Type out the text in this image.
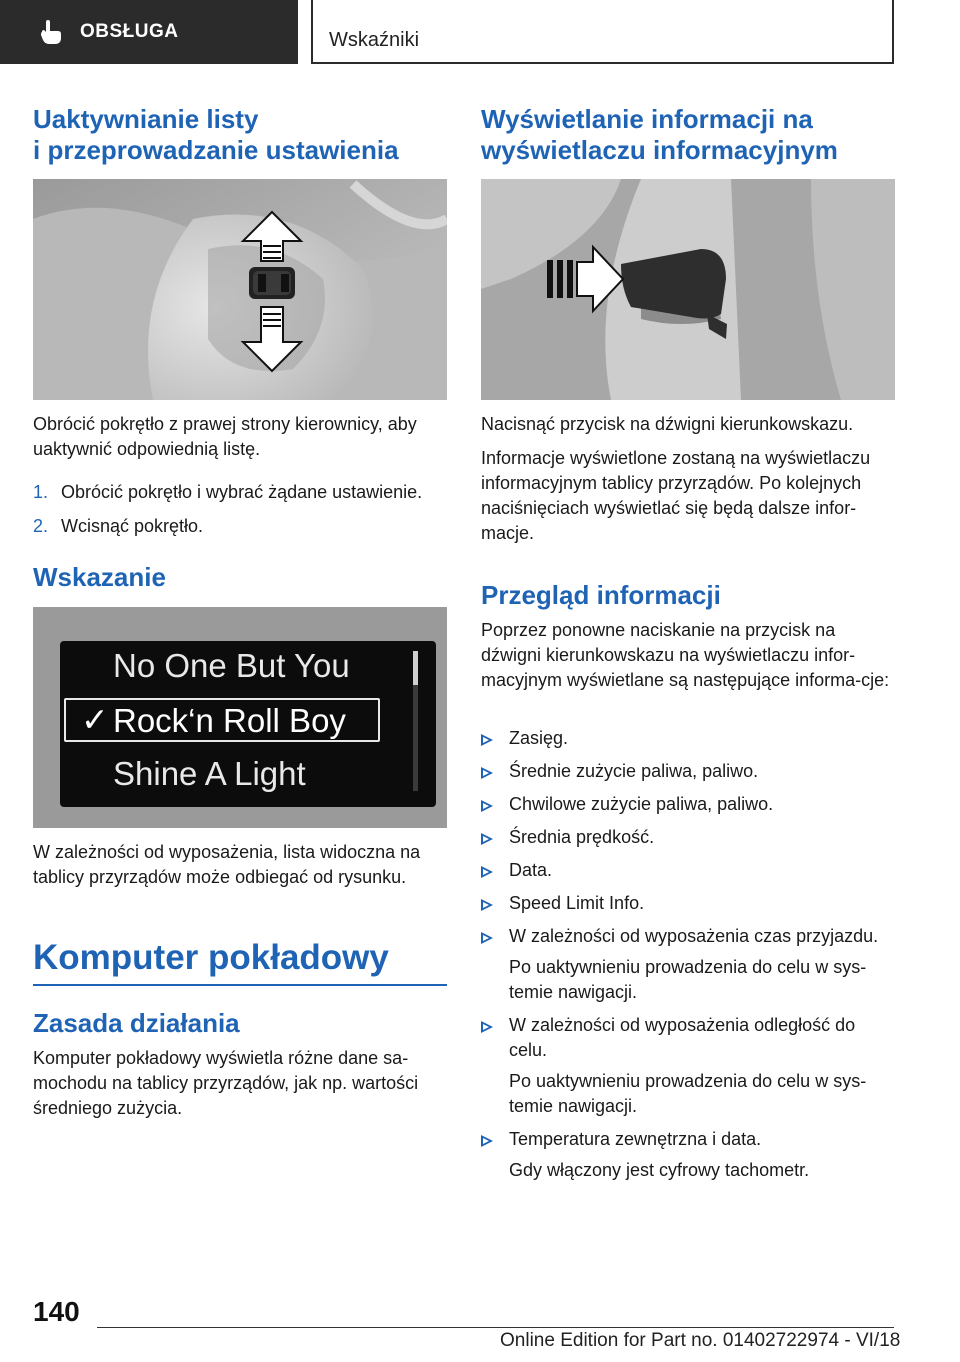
OBSŁUGA	Wskaźniki
Uaktywnianie listy
i przeprowadzanie ustawienia

Obrócić pokrętło z prawej strony kierownicy, aby uaktywnić odpowiednią listę.

1. Obrócić pokrętło i wybrać żądane ustawienie.
2. Wcisnąć pokrętło.
Wskazanie
No One But You
✓ Rock‘n Roll Boy
Shine A Light

W zależności od wyposażenia, lista widoczna na tablicy przyrządów może odbiegać od rysunku.

Komputer pokładowy
Zasada działania

Komputer pokładowy wyświetla różne dane sa-mochodu na tablicy przyrządów, jak np. wartości średniego zużycia.

Wyświetlanie informacji na
wyświetlaczu informacyjnym

Nacisnąć przycisk na dźwigni kierunkowskazu.

Informacje wyświetlone zostaną na wyświetlaczu informacyjnym tablicy przyrządów. Po kolejnych naciśnięciach wyświetlać się będą dalsze infor-macje.

Przegląd informacji

Poprzez ponowne naciskanie na przycisk na dźwigni kierunkowskazu na wyświetlaczu infor-macyjnym wyświetlane są następujące informa-cje:

Zasięg.
Średnie zużycie paliwa, paliwo.
Chwilowe zużycie paliwa, paliwo.
Średnia prędkość.
Data.
Speed Limit Info.
W zależności od wyposażenia czas przyjazdu.
Po uaktywnieniu prowadzenia do celu w sys-temie nawigacji.
W zależności od wyposażenia odległość do celu.
Po uaktywnieniu prowadzenia do celu w sys-temie nawigacji.
Temperatura zewnętrzna i data.
Gdy włączony jest cyfrowy tachometr.
140
Online Edition for Part no. 01402722974 - VI/18
